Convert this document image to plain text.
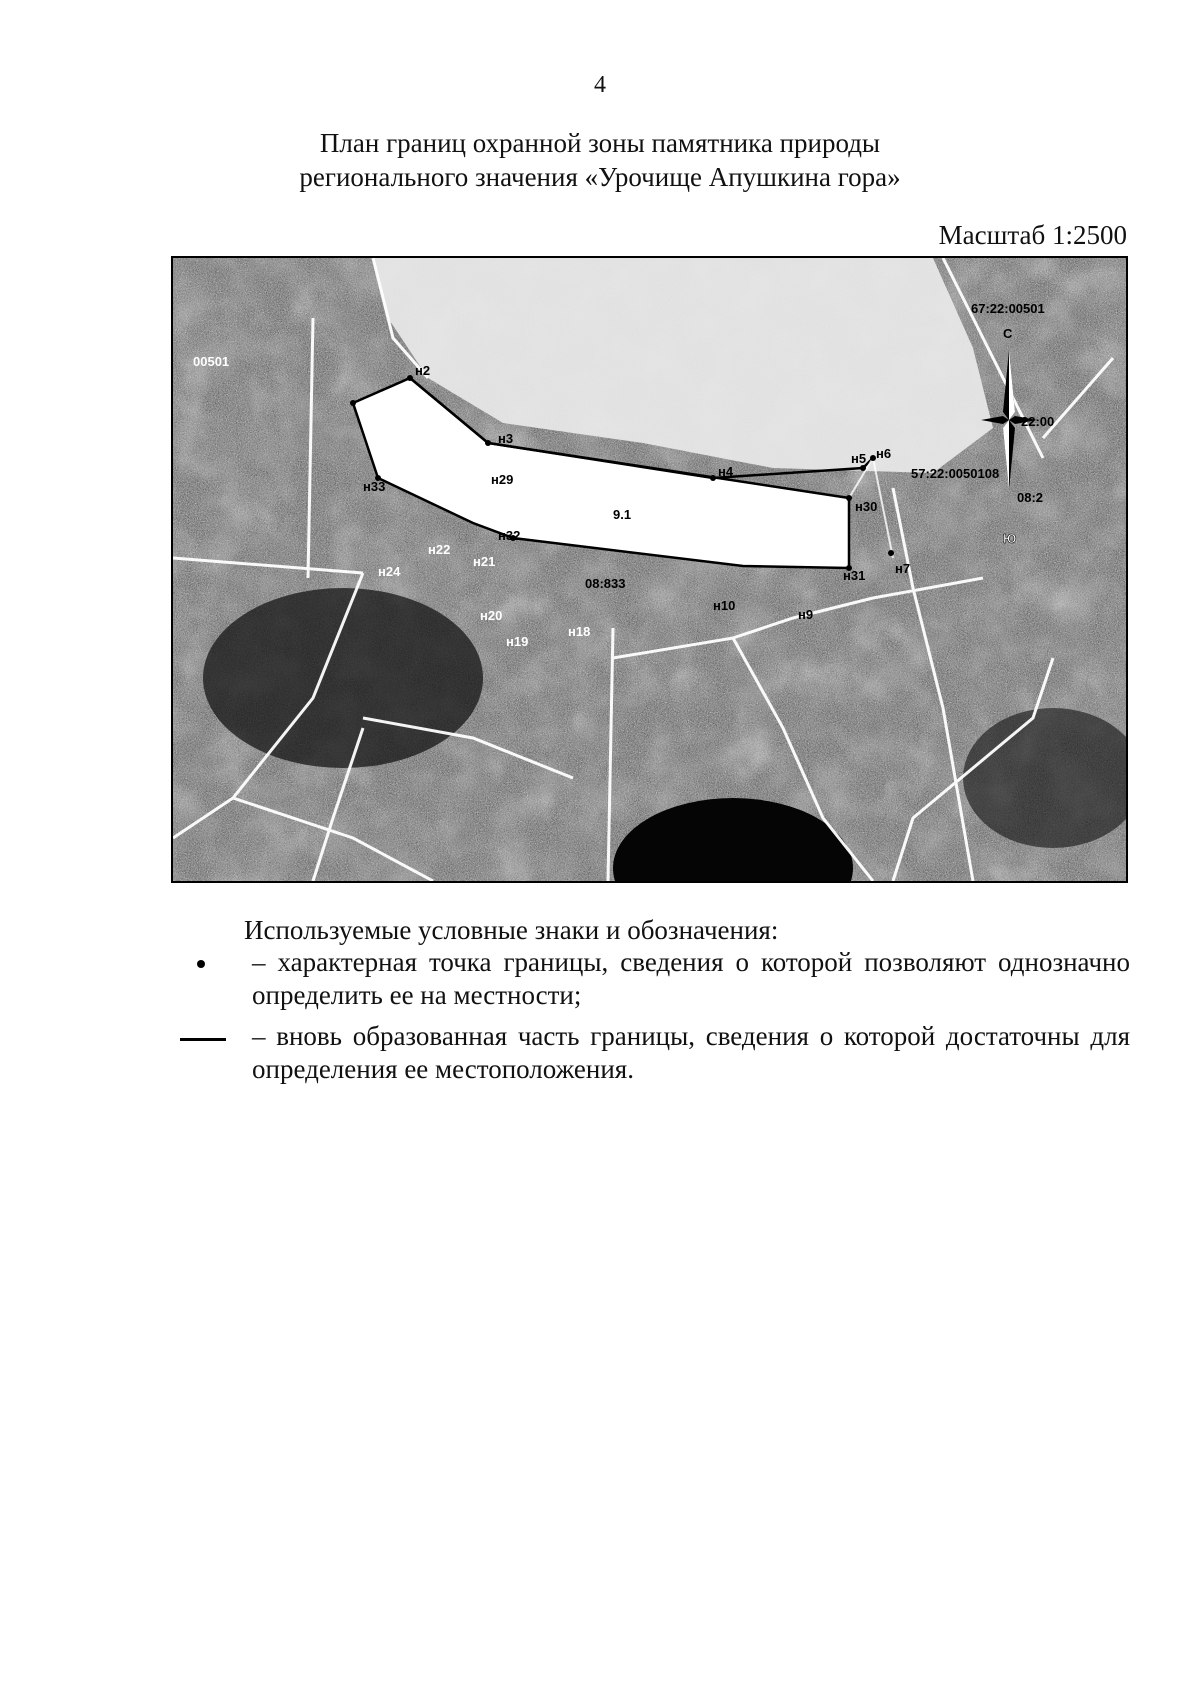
4
План границ охранной зоны памятника природы
регионального значения «Урочище Апушкина гора»
Масштаб 1:2500
С
Ю
67:22:00501
22:00
57:22:0050108
08:2
08:833
00501
9.1
н2
н3
н4
н5 н6
н7
н9
н10
н18
н19
н20
н21
н22
н24
н29
н30
н31
н32
н33
Используемые условные знаки и обозначения:
– характерная точка границы, сведения о которой позволяют однозначно определить ее на местности;
– вновь образованная часть границы, сведения о которой достаточны для определения ее местоположения.
